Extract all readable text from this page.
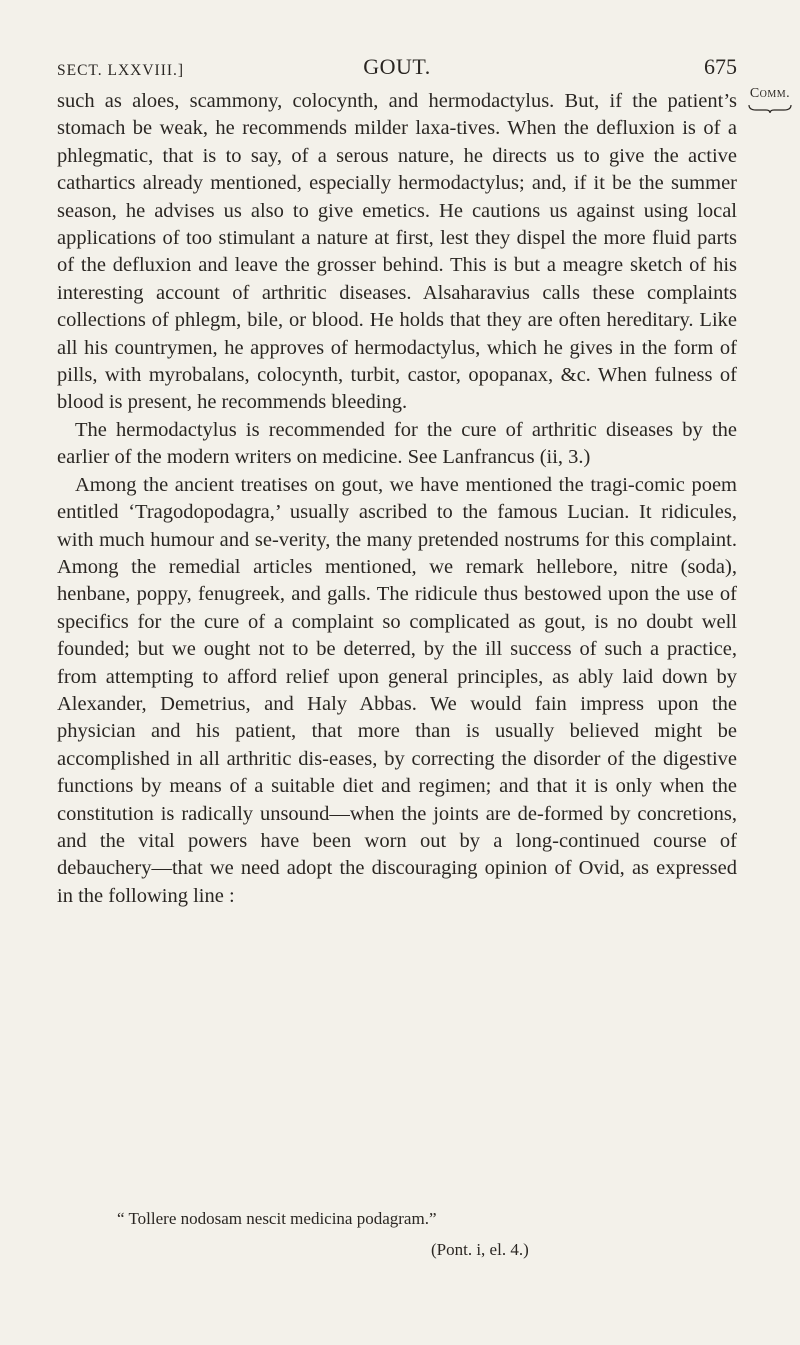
SECT. LXXVIII.]	GOUT.	675
Comm.

such as aloes, scammony, colocynth, and hermodactylus. But, if the patient’s stomach be weak, he recommends milder laxa-tives. When the defluxion is of a phlegmatic, that is to say, of a serous nature, he directs us to give the active cathartics already mentioned, especially hermodactylus; and, if it be the summer season, he advises us also to give emetics. He cautions us against using local applications of too stimulant a nature at first, lest they dispel the more fluid parts of the defluxion and leave the grosser behind. This is but a meagre sketch of his interesting account of arthritic diseases. Alsaharavius calls these complaints collections of phlegm, bile, or blood. He holds that they are often hereditary. Like all his countrymen, he approves of hermodactylus, which he gives in the form of pills, with myrobalans, colocynth, turbit, castor, opopanax, &c. When fulness of blood is present, he recommends bleeding.

The hermodactylus is recommended for the cure of arthritic diseases by the earlier of the modern writers on medicine. See Lanfrancus (ii, 3.)

Among the ancient treatises on gout, we have mentioned the tragi-comic poem entitled ‘Tragodopodagra,’ usually ascribed to the famous Lucian. It ridicules, with much humour and se-verity, the many pretended nostrums for this complaint. Among the remedial articles mentioned, we remark hellebore, nitre (soda), henbane, poppy, fenugreek, and galls. The ridicule thus bestowed upon the use of specifics for the cure of a complaint so complicated as gout, is no doubt well founded; but we ought not to be deterred, by the ill success of such a practice, from attempting to afford relief upon general principles, as ably laid down by Alexander, Demetrius, and Haly Abbas. We would fain impress upon the physician and his patient, that more than is usually believed might be accomplished in all arthritic dis-eases, by correcting the disorder of the digestive functions by means of a suitable diet and regimen; and that it is only when the constitution is radically unsound—when the joints are de-formed by concretions, and the vital powers have been worn out by a long-continued course of debauchery—that we need adopt the discouraging opinion of Ovid, as expressed in the following line :

“ Tollere nodosam nescit medicina podagram.”
(Pont. i, el. 4.)
